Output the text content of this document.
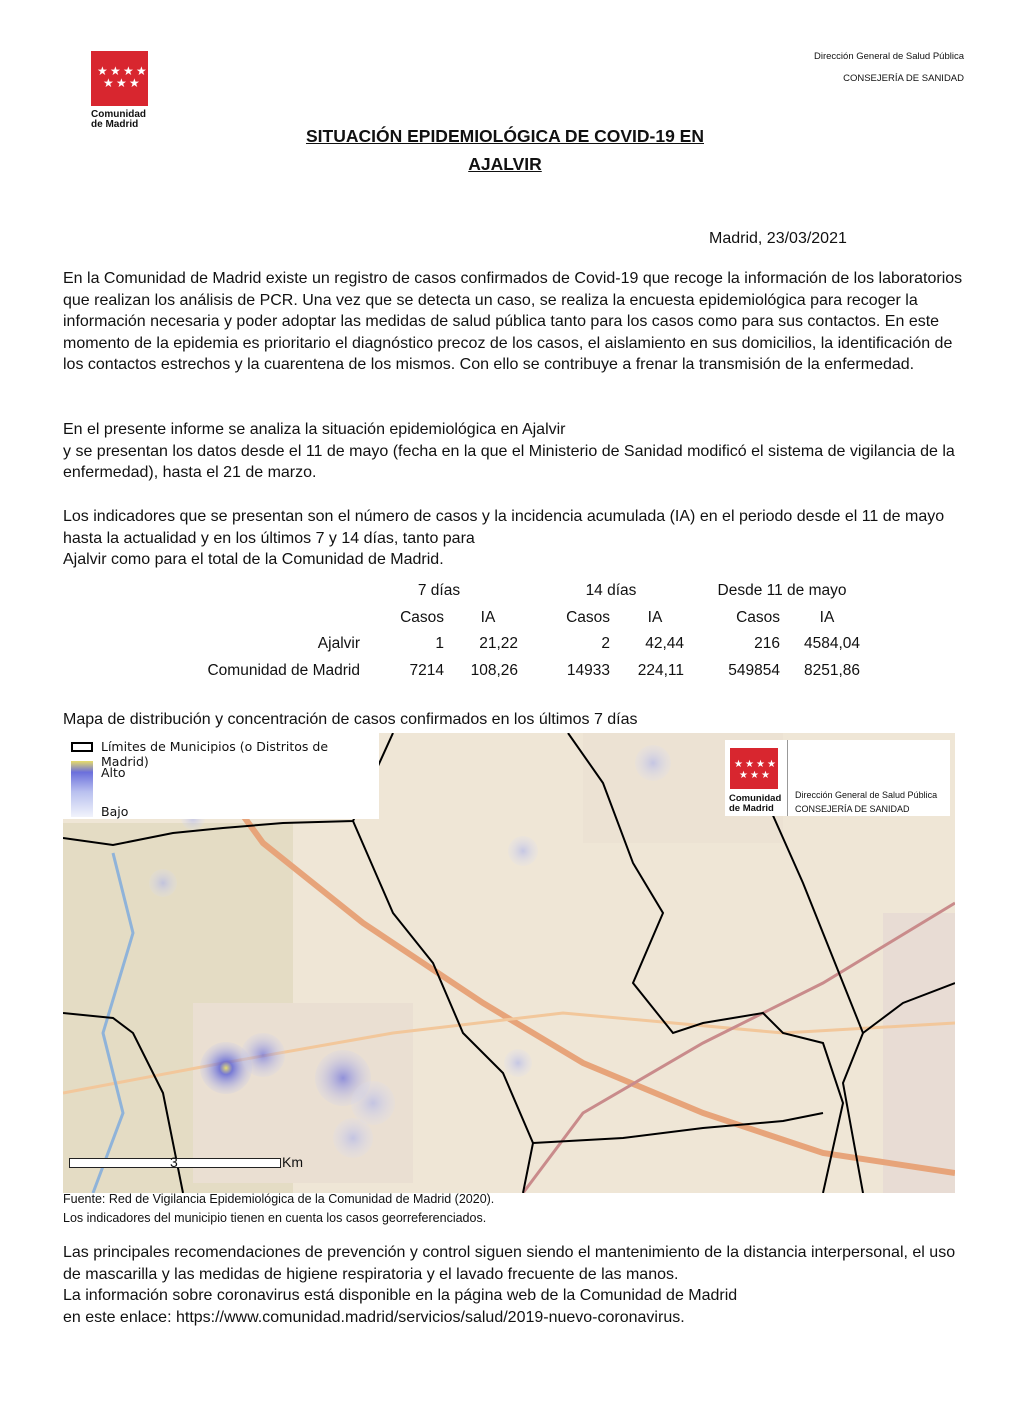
★ ★ ★ ★
★ ★ ★
Comunidad
de Madrid
Dirección General de Salud Pública
CONSEJERÍA DE SANIDAD
SITUACIÓN EPIDEMIOLÓGICA DE COVID-19 EN
AJALVIR
Madrid, 23/03/2021
En la Comunidad de Madrid existe un registro de casos confirmados de Covid-19 que recoge la información de los laboratorios que realizan los análisis de PCR. Una vez que se detecta un caso, se realiza la encuesta epidemiológica para recoger la información necesaria y poder adoptar las medidas de salud pública tanto para los casos como para sus contactos. En este momento de la epidemia es prioritario el diagnóstico precoz de los casos, el aislamiento en sus domicilios, la identificación de los contactos estrechos y la cuarentena de los mismos. Con ello se contribuye a frenar la transmisión de la enfermedad.
En el presente informe se analiza la situación epidemiológica en Ajalvir
y se presentan los datos desde el 11 de mayo (fecha en la que el Ministerio de Sanidad modificó el sistema de vigilancia de la enfermedad), hasta el 21 de marzo.
Los indicadores que se presentan son el número de casos y la incidencia acumulada (IA) en el periodo desde el 11 de mayo hasta la actualidad y en los últimos 7 y 14 días, tanto para
Ajalvir como para el total de la Comunidad de Madrid.
	7 días		14 días		Desde 11 de mayo	
	Casos	IA	Casos	IA	Casos	IA
Ajalvir	1	21,22	2	42,44	216	4584,04
Comunidad de Madrid	7214	108,26	14933	224,11	549854	8251,86
Mapa de distribución y concentración de casos confirmados en los últimos 7 días
Límites de Municipios (o Distritos de Madrid)
Alto
Bajo
★ ★ ★ ★
★ ★ ★
Comunidad
de Madrid
Dirección General de Salud Pública
CONSEJERÍA DE SANIDAD
3	Km
Fuente: Red de Vigilancia Epidemiológica de la Comunidad de Madrid (2020).
Los indicadores del municipio tienen en cuenta los casos georreferenciados.
Las principales recomendaciones de prevención y control siguen siendo el mantenimiento de la distancia interpersonal, el uso de mascarilla y las medidas de higiene respiratoria y el lavado frecuente de las manos.
La información sobre coronavirus está disponible en la página web de la Comunidad de Madrid
en este enlace: https://www.comunidad.madrid/servicios/salud/2019-nuevo-coronavirus.
